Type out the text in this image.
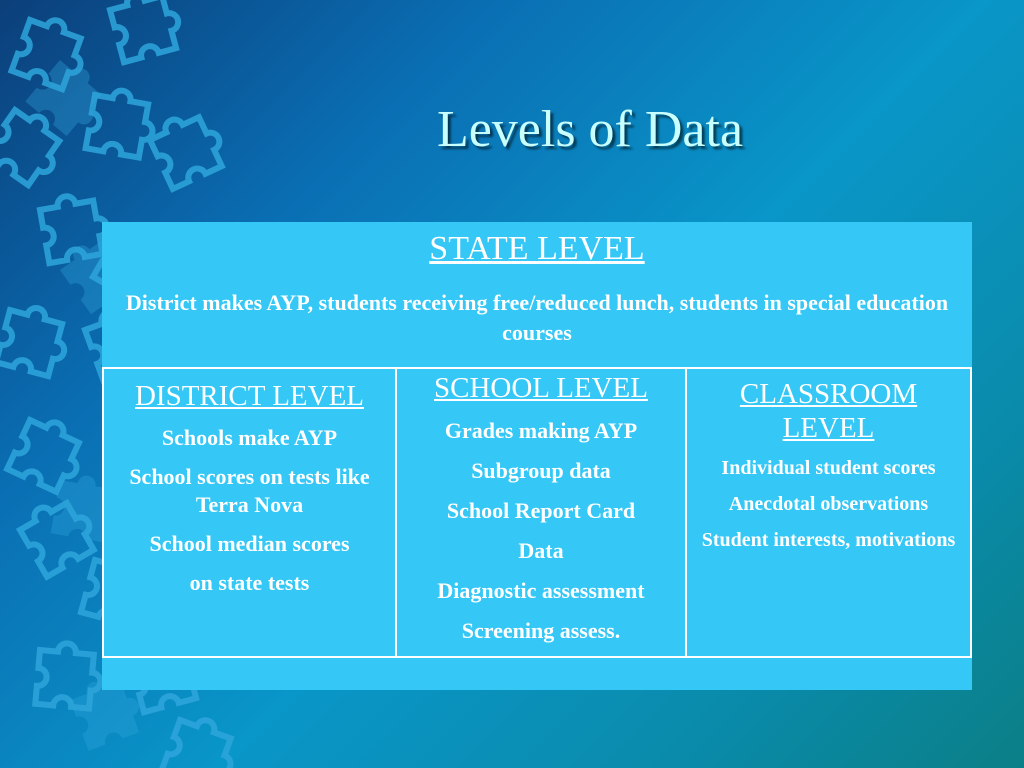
Levels of Data
STATE LEVEL
District makes AYP, students receiving free/reduced lunch, students in special education courses
DISTRICT LEVEL
Schools make AYP
School scores on tests like Terra Nova
School median scores
on state tests
SCHOOL LEVEL
Grades making AYP
Subgroup data
School Report Card
Data
Diagnostic assessment
Screening assess.
CLASSROOM LEVEL
Individual student scores
Anecdotal observations
Student interests, motivations
